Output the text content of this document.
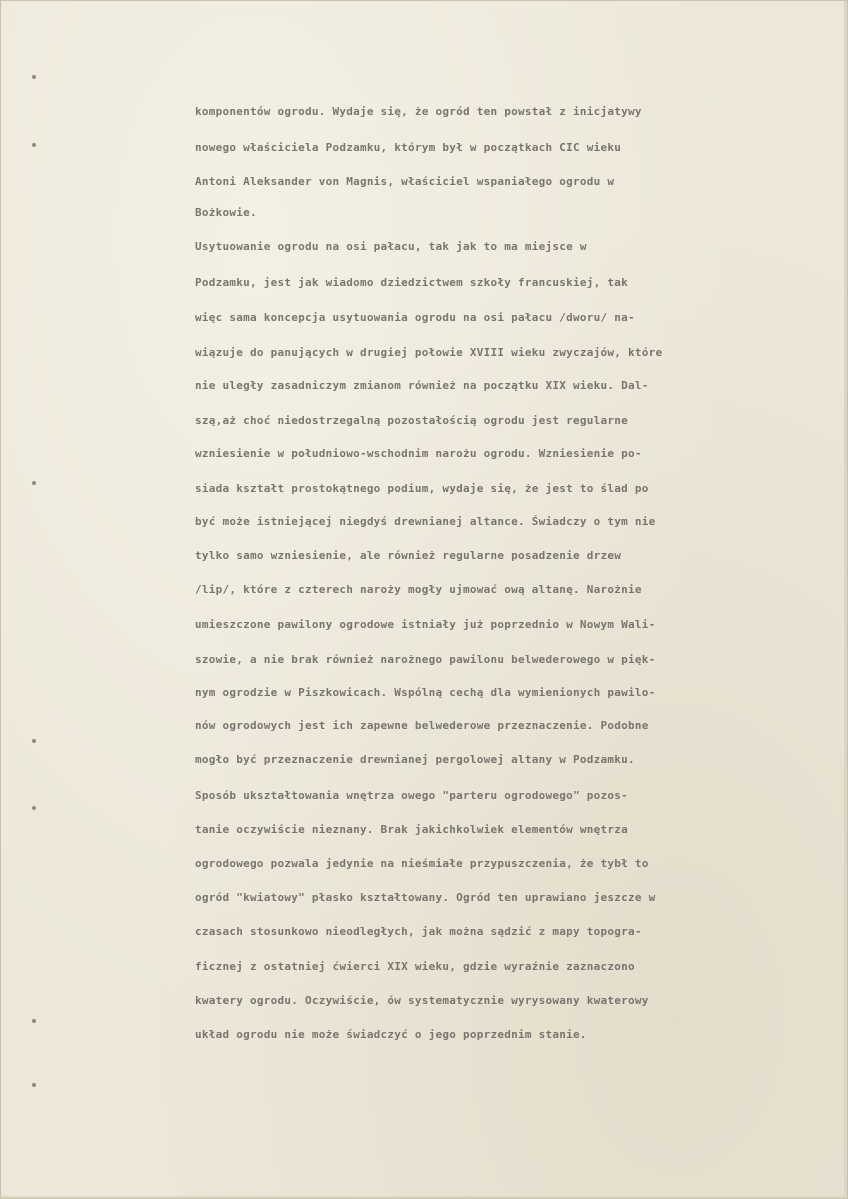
komponentów ogrodu. Wydaje się, że ogród ten powstał z inicjatywy
nowego właściciela Podzamku, którym był w początkach CIC wieku
Antoni Aleksander von Magnis, właściciel wspaniałego ogrodu w
Bożkowie.
Usytuowanie ogrodu na osi pałacu, tak jak to ma miejsce w
Podzamku, jest jak wiadomo dziedzictwem szkoły francuskiej, tak
więc sama koncepcja usytuowania ogrodu na osi pałacu /dworu/ na-
wiązuje do panujących w drugiej połowie XVIII wieku zwyczajów, które
nie uległy zasadniczym zmianom również na początku XIX wieku. Dal-
szą,aż choć niedostrzegalną pozostałością ogrodu jest regularne
wzniesienie w południowo-wschodnim narożu ogrodu. Wzniesienie po-
siada kształt prostokątnego podium, wydaje się, że jest to ślad po
być może istniejącej niegdyś drewnianej altance. Świadczy o tym nie
tylko samo wzniesienie, ale również regularne posadzenie drzew
/lip/, które z czterech naroży mogły ujmować ową altanę. Narożnie
umieszczone pawilony ogrodowe istniały już poprzednio w Nowym Wali-
szowie, a nie brak również narożnego pawilonu belwederowego w pięk-
nym ogrodzie w Piszkowicach. Wspólną cechą dla wymienionych pawilo-
nów ogrodowych jest ich zapewne belwederowe przeznaczenie. Podobne
mogło być przeznaczenie drewnianej pergolowej altany w Podzamku.
Sposób ukształtowania wnętrza owego "parteru ogrodowego" pozos-
tanie oczywiście nieznany. Brak jakichkolwiek elementów wnętrza
ogrodowego pozwala jedynie na nieśmiałe przypuszczenia, że tybł to
ogród "kwiatowy" płasko kształtowany. Ogród ten uprawiano jeszcze w
czasach stosunkowo nieodległych, jak można sądzić z mapy topogra-
ficznej z ostatniej ćwierci XIX wieku, gdzie wyraźnie zaznaczono
kwatery ogrodu. Oczywiście, ów systematycznie wyrysowany kwaterowy
układ ogrodu nie może świadczyć o jego poprzednim stanie.
